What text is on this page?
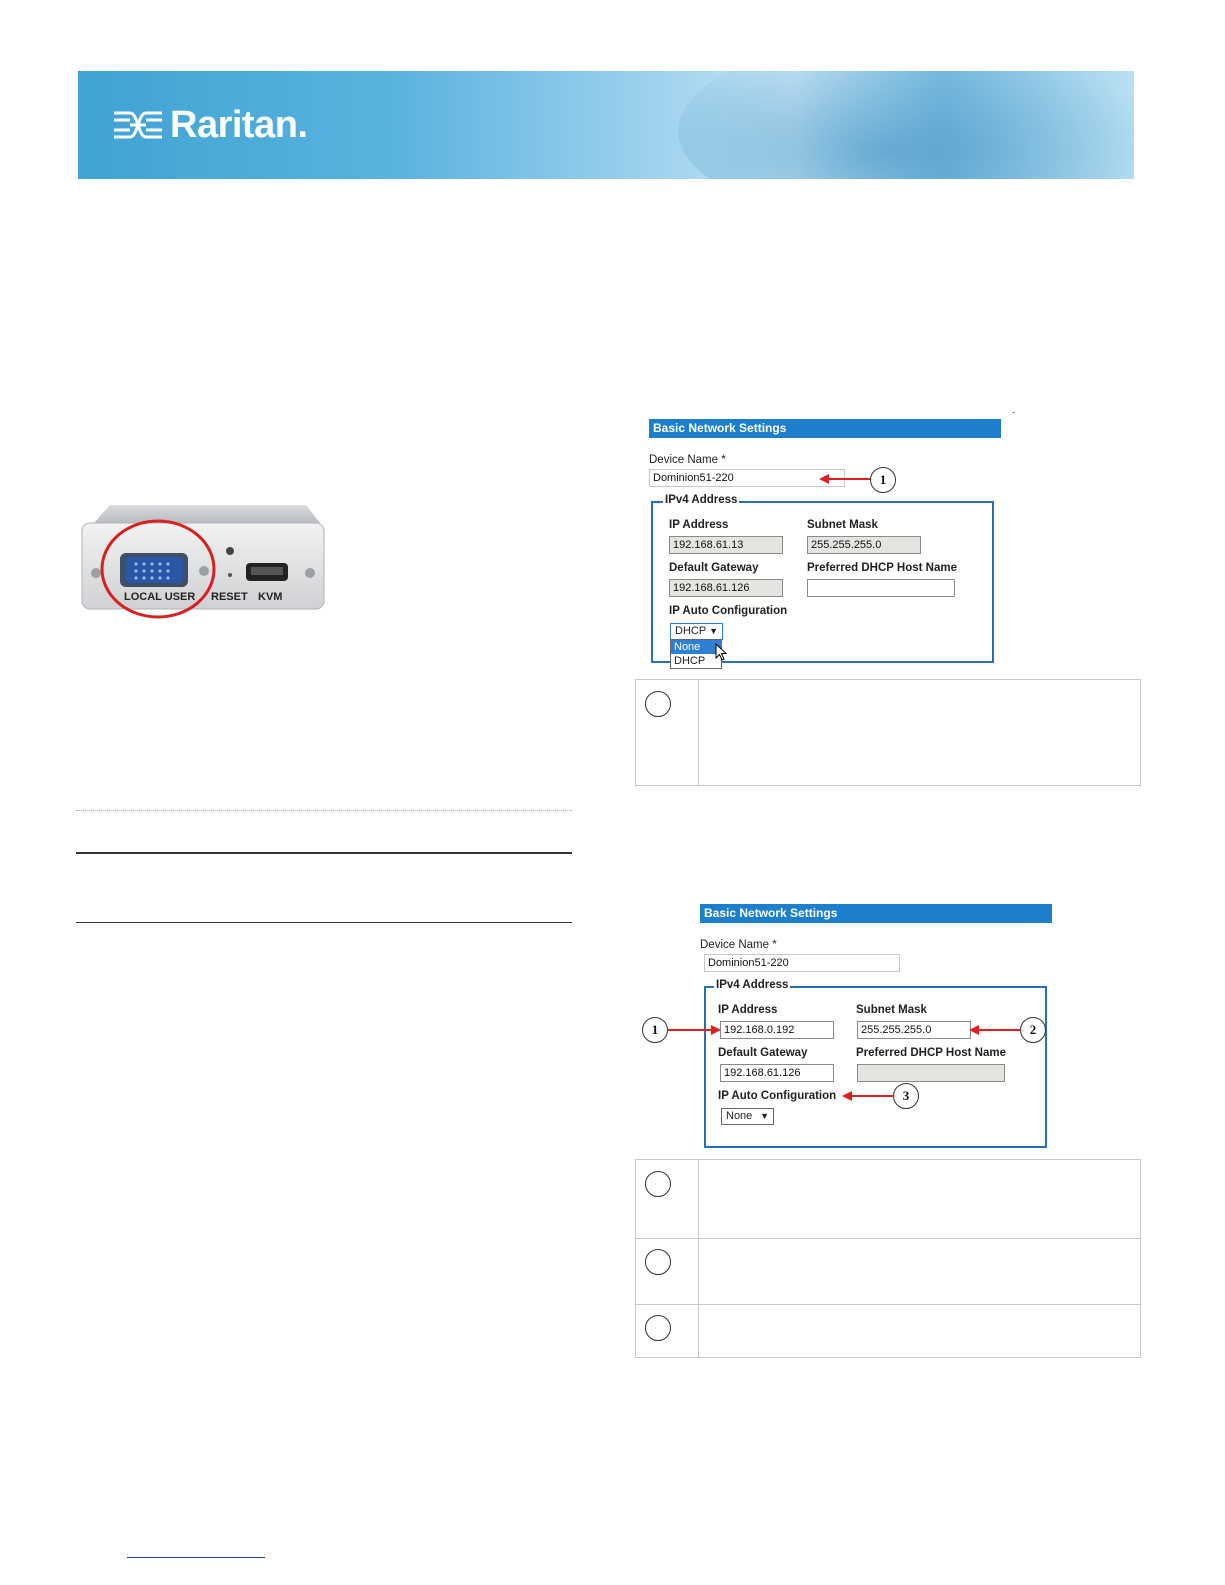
Raritan.
LOCAL USER RESET KVM
-
Basic Network Settings
Device Name *
Dominion51-220
IPv4 Address
IP Address
192.168.61.13
Subnet Mask
255.255.255.0
Default Gateway
192.168.61.126
Preferred DHCP Host Name
IP Auto Configuration
DHCP ▼
None
DHCP
1
Basic Network Settings
Device Name *
Dominion51-220
IPv4 Address
IP Address
192.168.0.192
Subnet Mask
255.255.255.0
Default Gateway
192.168.61.126
Preferred DHCP Host Name
IP Auto Configuration
None ▼
1	2
3
